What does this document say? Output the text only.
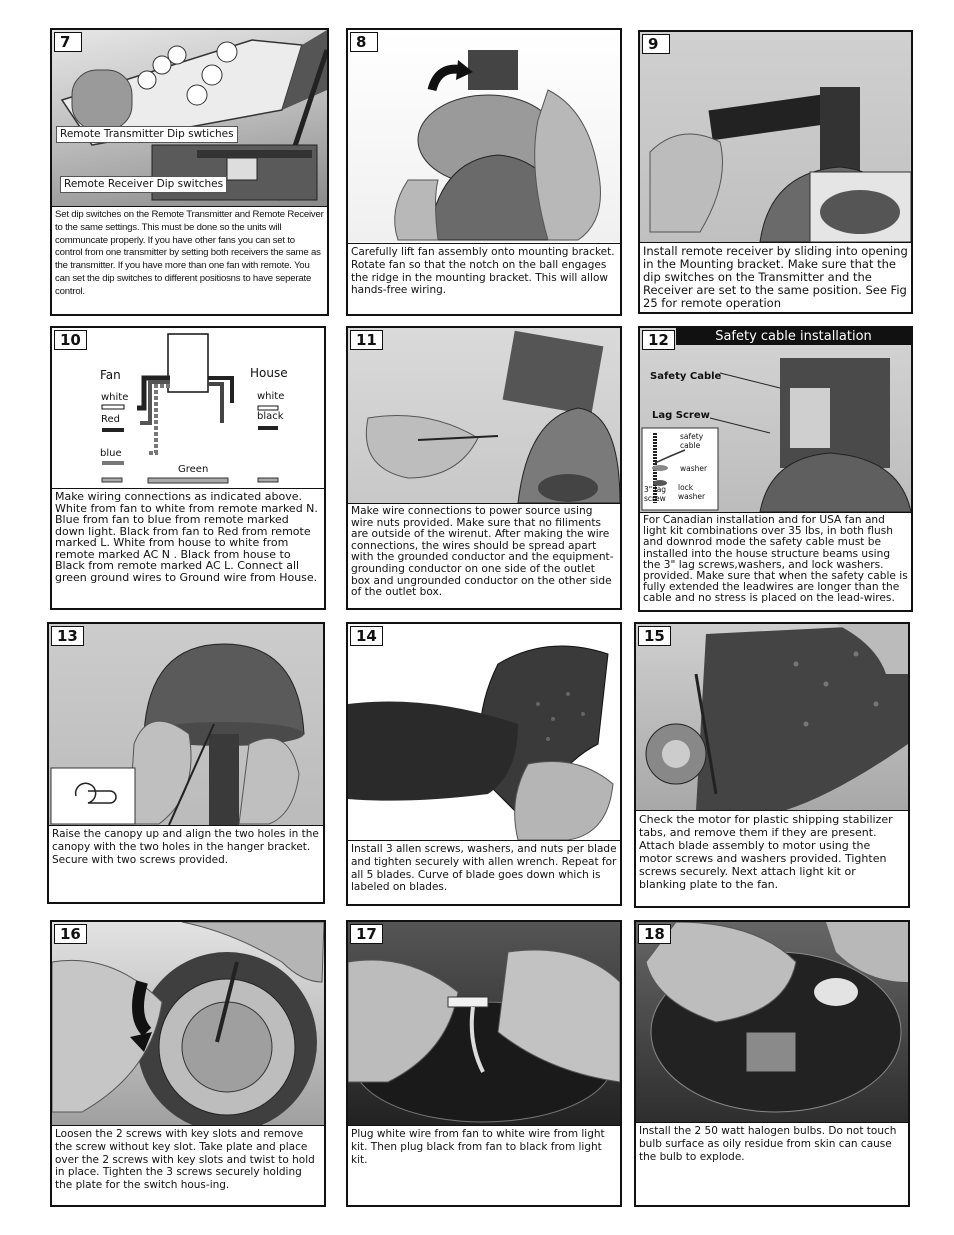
Remote Transmitter Dip swtiches
Remote Receiver Dip switches
7
Set dip switches on the Remote Transmitter and Remote Receiver to the same settings. This must be done so the units will communcate properly. If you have other fans you can set to control from one transmitter by setting both receivers the same as the transmitter. If you have more than one fan with remote. You can set the dip switches to different positiosns to have seperate control.
8
Carefully lift fan assembly onto mounting bracket. Rotate fan so that the notch on the ball engages the ridge in the mounting bracket. This will allow hands-free wiring.
9
Install remote receiver by sliding into opening in the Mounting bracket. Make sure that the dip switches on the Transmitter and the Receiver are set to the same position. See Fig 25 for remote operation
Fan	House
white
Red
blue
white
black
Green
10
Make wiring connections as indicated above. White from fan to white from remote marked N. Blue from fan to blue from remote marked down light. Black from fan to Red from remote marked L. White from house to white from remote marked AC N . Black from house to Black from remote marked AC L. Connect all green ground wires to Ground wire from House.
11
Make wire connections to power source using wire nuts provided. Make sure that no filiments are outside of the wirenut. After making the wire connections, the wires should be spread apart with the grounded conductor and the equipment-grounding conductor on one side of the outlet box and ungrounded conductor on the other side of the outlet box.
Safety cable installation
Safety Cable
Lag Screw
safety cable
washer
3" lag screw
lock washer
12
For Canadian installation and for USA fan and light kit combinations over 35 lbs, in both flush and downrod mode the safety cable must be installed into the house structure beams using the 3" lag screws,washers, and lock washers. provided. Make sure that when the safety cable is fully extended the leadwires are longer than the cable and no stress is placed on the lead-wires.
13
Raise the canopy up and align the two holes in the canopy with the two holes in the hanger bracket. Secure with two screws provided.
14
Install 3 allen screws, washers, and nuts per blade and tighten securely with allen wrench. Repeat for all 5 blades. Curve of blade goes down which is labeled on blades.
15
Check the motor for plastic shipping stabilizer tabs, and remove them if they are present. Attach blade assembly to motor using the motor screws and washers provided. Tighten screws securely. Next attach light kit or blanking plate to the fan.
16
Loosen the 2 screws with key slots and remove the screw without key slot. Take plate and place over the 2 screws with key slots and twist to hold in place. Tighten the 3 screws securely holding the plate for the switch hous-ing.
17
Plug white wire from fan to white wire from light kit. Then plug black from fan to black from light kit.
18
Install the 2 50 watt halogen bulbs. Do not touch bulb surface as oily residue from skin can cause the bulb to explode.
